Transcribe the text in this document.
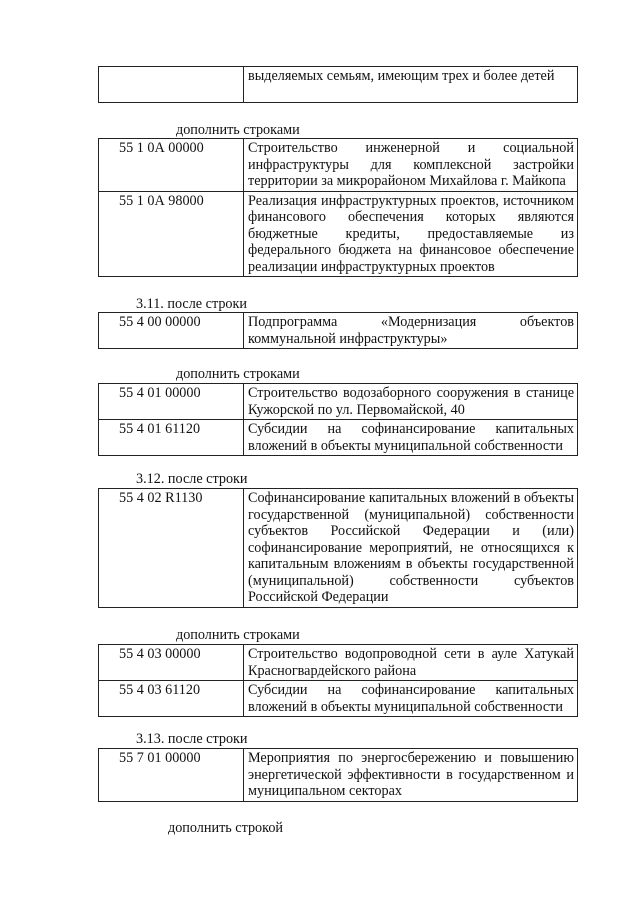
	выделяемых семьям, имеющим трех и более детей
дополнить строками
55 1 0А 00000	Строительство инженерной и социальной инфраструктуры для комплексной застройки территории за микрорайоном Михайлова г. Майкопа
55 1 0А 98000	Реализация инфраструктурных проектов, источником финансового обеспечения которых являются бюджетные кредиты, предоставляемые из федерального бюджета на финансовое обеспечение реализации инфраструктурных проектов
3.11. после строки
55 4 00 00000	Подпрограмма «Модернизация объектов коммунальной инфраструктуры»
дополнить строками
55 4 01 00000	Строительство водозаборного сооружения в станице Кужорской по ул. Первомайской, 40
55 4 01 61120	Субсидии на софинансирование капитальных вложений в объекты муниципальной собственности
3.12. после строки
55 4 02 R1130	Софинансирование капитальных вложений в объекты государственной (муниципальной) собственности субъектов Российской Федерации и (или) софинансирование мероприятий, не относящихся к капитальным вложениям в объекты государственной (муниципальной) собственности субъектов Российской Федерации
дополнить строками
55 4 03 00000	Строительство водопроводной сети в ауле Хатукай Красногвардейского района
55 4 03 61120	Субсидии на софинансирование капитальных вложений в объекты муниципальной собственности
3.13. после строки
55 7 01 00000	Мероприятия по энергосбережению и повышению энергетической эффективности в государственном и муниципальном секторах
дополнить строкой
